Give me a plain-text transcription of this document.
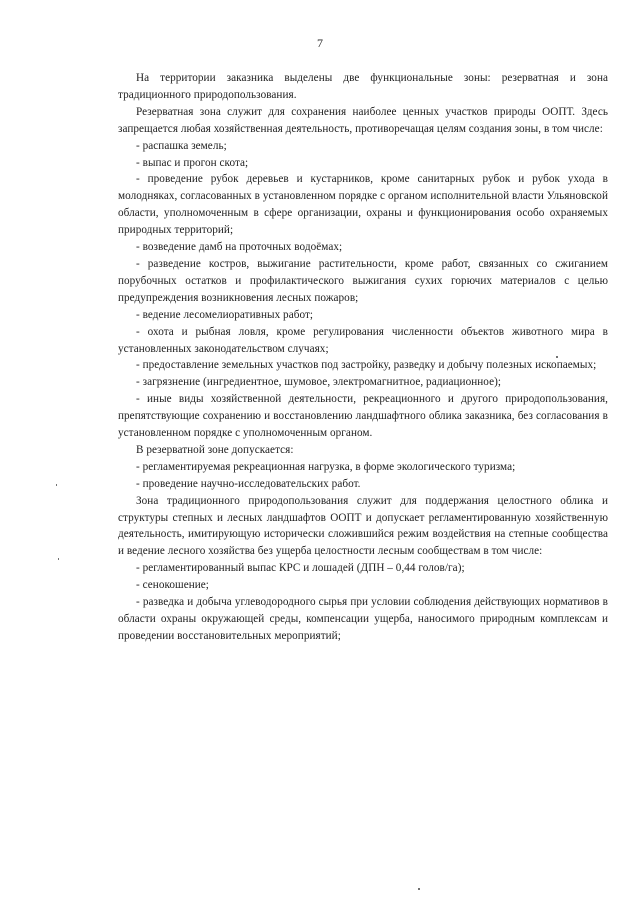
7

На территории заказника выделены две функциональные зоны: резерватная и зона традиционного природопользования.

Резерватная зона служит для сохранения наиболее ценных участков природы ООПТ. Здесь запрещается любая хозяйственная деятельность, противоречащая целям создания зоны, в том числе:

- распашка земель;

- выпас и прогон скота;

- проведение рубок деревьев и кустарников, кроме санитарных рубок и рубок ухода в молодняках, согласованных в установленном порядке с органом исполнительной власти Ульяновской области, уполномоченным в сфере организации, охраны и функционирования особо охраняемых природных территорий;

- возведение дамб на проточных водоёмах;

- разведение костров, выжигание растительности, кроме работ, связанных со сжиганием порубочных остатков и профилактического выжигания сухих горючих материалов с целью предупреждения возникновения лесных пожаров;

- ведение лесомелиоративных работ;

- охота и рыбная ловля, кроме регулирования численности объектов животного мира в установленных законодательством случаях;

- предоставление земельных участков под застройку, разведку и добычу полезных ископаемых;

- загрязнение (ингредиентное, шумовое, электромагнитное, радиационное);

- иные виды хозяйственной деятельности, рекреационного и другого природопользования, препятствующие сохранению и восстановлению ландшафтного облика заказника, без согласования в установленном порядке с уполномоченным органом.

В резерватной зоне допускается:

- регламентируемая рекреационная нагрузка, в форме экологического туризма;

- проведение научно-исследовательских работ.

Зона традиционного природопользования служит для поддержания целостного облика и структуры степных и лесных ландшафтов ООПТ и допускает регламентированную хозяйственную деятельность, имитирующую исторически сложившийся режим воздействия на степные сообщества и ведение лесного хозяйства без ущерба целостности лесным сообществам в том числе:

- регламентированный выпас КРС и лошадей (ДПН – 0,44 голов/га);

- сенокошение;

- разведка и добыча углеводородного сырья при условии соблюдения действующих нормативов в области охраны окружающей среды, компенсации ущерба, наносимого природным комплексам и проведении восстановительных мероприятий;
